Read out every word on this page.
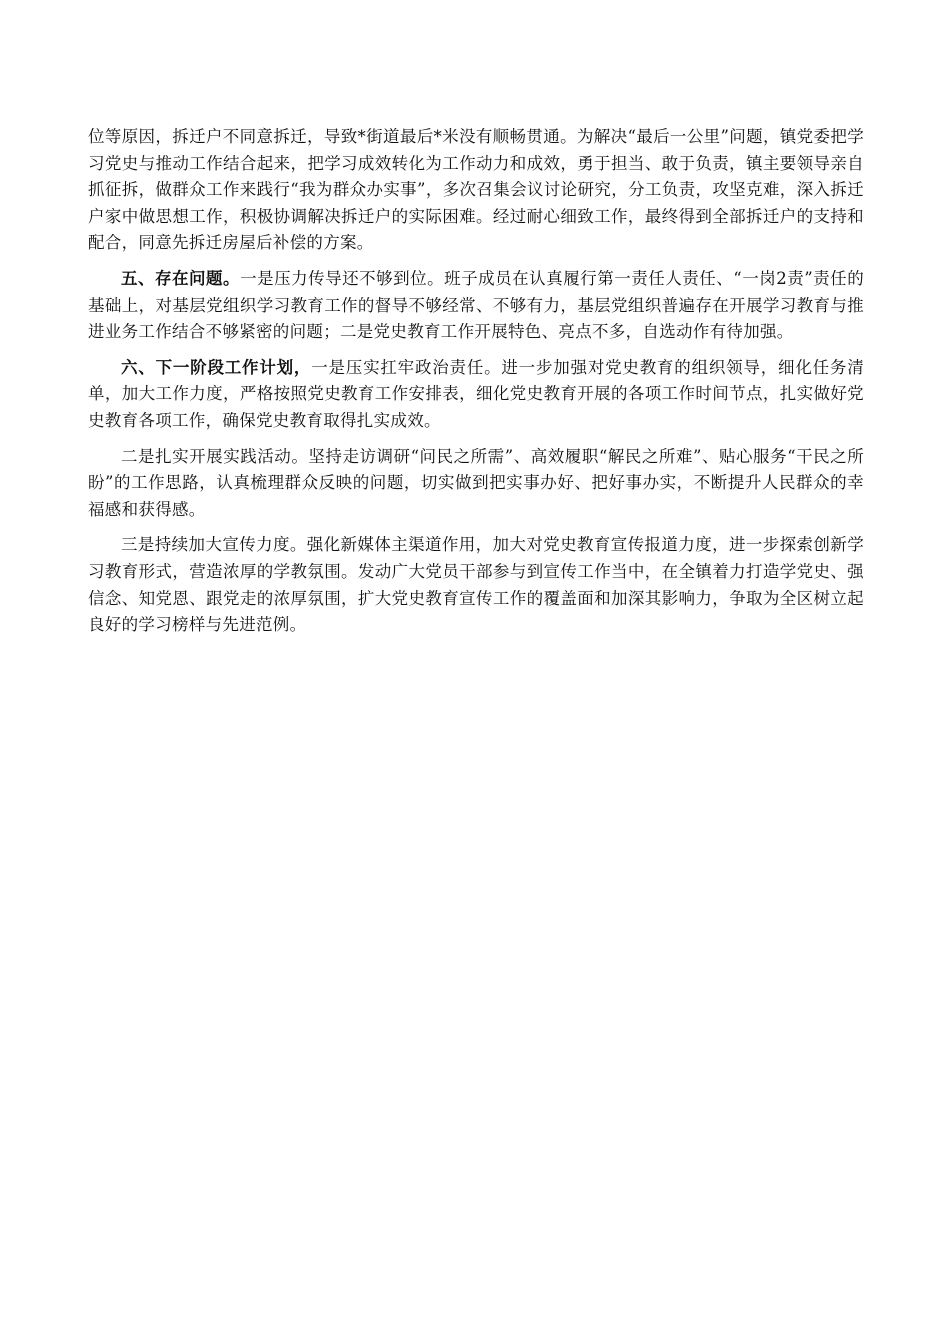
位等原因，拆迁户不同意拆迁，导致*街道最后*米没有顺畅贯通。为解决“最后一公里”问题，镇党委把学习党史与推动工作结合起来，把学习成效转化为工作动力和成效，勇于担当、敢于负责，镇主要领导亲自抓征拆，做群众工作来践行“我为群众办实事”，多次召集会议讨论研究，分工负责，攻坚克难，深入拆迁户家中做思想工作，积极协调解决拆迁户的实际困难。经过耐心细致工作，最终得到全部拆迁户的支持和配合，同意先拆迁房屋后补偿的方案。

五、存在问题。一是压力传导还不够到位。班子成员在认真履行第一责任人责任、“一岗2责”责任的基础上，对基层党组织学习教育工作的督导不够经常、不够有力，基层党组织普遍存在开展学习教育与推进业务工作结合不够紧密的问题；二是党史教育工作开展特色、亮点不多，自选动作有待加强。

六、下一阶段工作计划，一是压实扛牢政治责任。进一步加强对党史教育的组织领导，细化任务清单，加大工作力度，严格按照党史教育工作安排表，细化党史教育开展的各项工作时间节点，扎实做好党史教育各项工作，确保党史教育取得扎实成效。

二是扎实开展实践活动。坚持走访调研“问民之所需”、高效履职“解民之所难”、贴心服务“干民之所盼”的工作思路，认真梳理群众反映的问题，切实做到把实事办好、把好事办实，不断提升人民群众的幸福感和获得感。

三是持续加大宣传力度。强化新媒体主渠道作用，加大对党史教育宣传报道力度，进一步探索创新学习教育形式，营造浓厚的学教氛围。发动广大党员干部参与到宣传工作当中，在全镇着力打造学党史、强信念、知党恩、跟党走的浓厚氛围，扩大党史教育宣传工作的覆盖面和加深其影响力，争取为全区树立起良好的学习榜样与先进范例。
